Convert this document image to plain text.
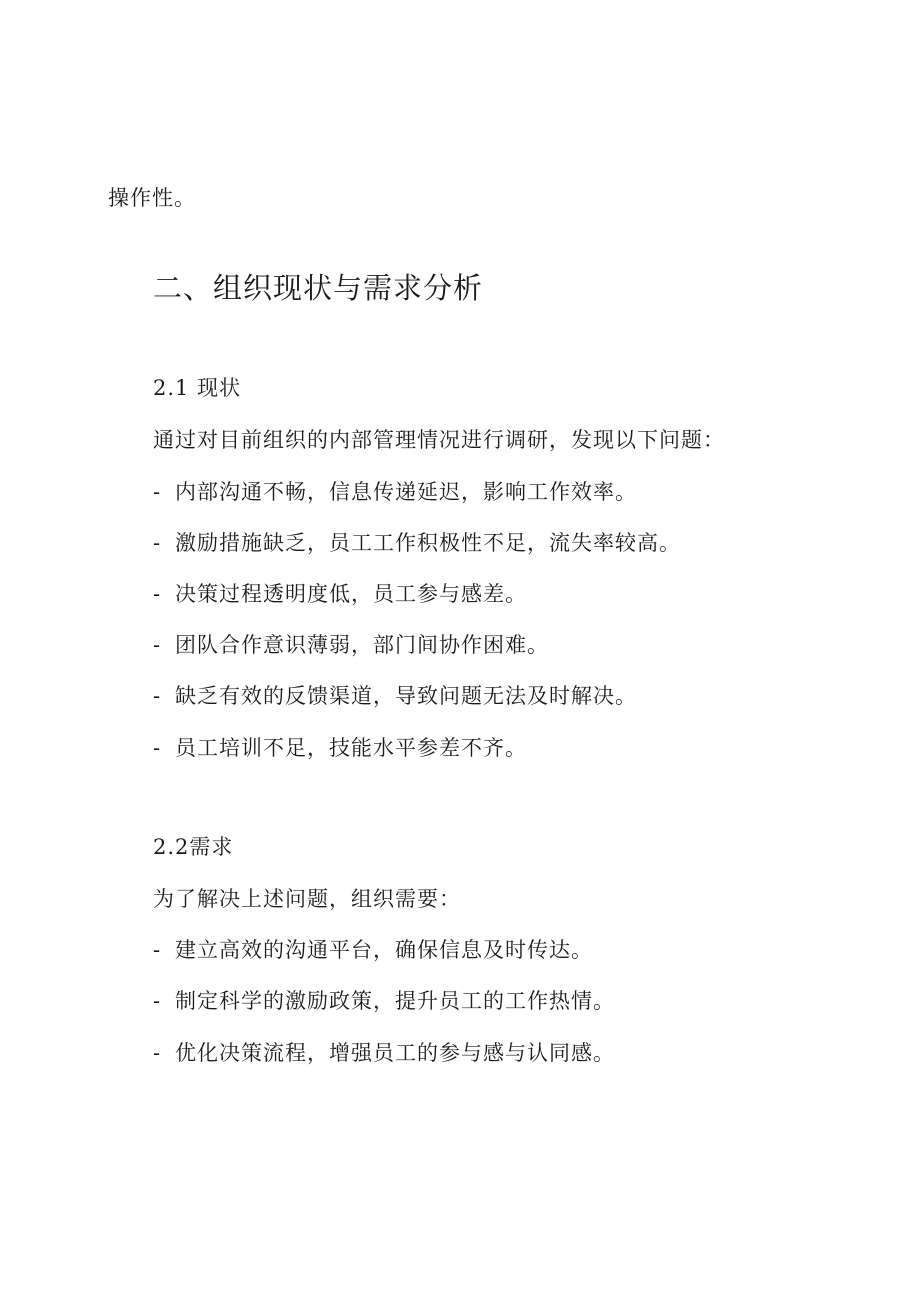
操作性。
二、组织现状与需求分析
2.1 现状
通过对目前组织的内部管理情况进行调研，发现以下问题：
- 内部沟通不畅，信息传递延迟，影响工作效率。
- 激励措施缺乏，员工工作积极性不足，流失率较高。
- 决策过程透明度低，员工参与感差。
- 团队合作意识薄弱，部门间协作困难。
- 缺乏有效的反馈渠道，导致问题无法及时解决。
- 员工培训不足，技能水平参差不齐。
2.2需求
为了解决上述问题，组织需要：
- 建立高效的沟通平台，确保信息及时传达。
- 制定科学的激励政策，提升员工的工作热情。
- 优化决策流程，增强员工的参与感与认同感。
